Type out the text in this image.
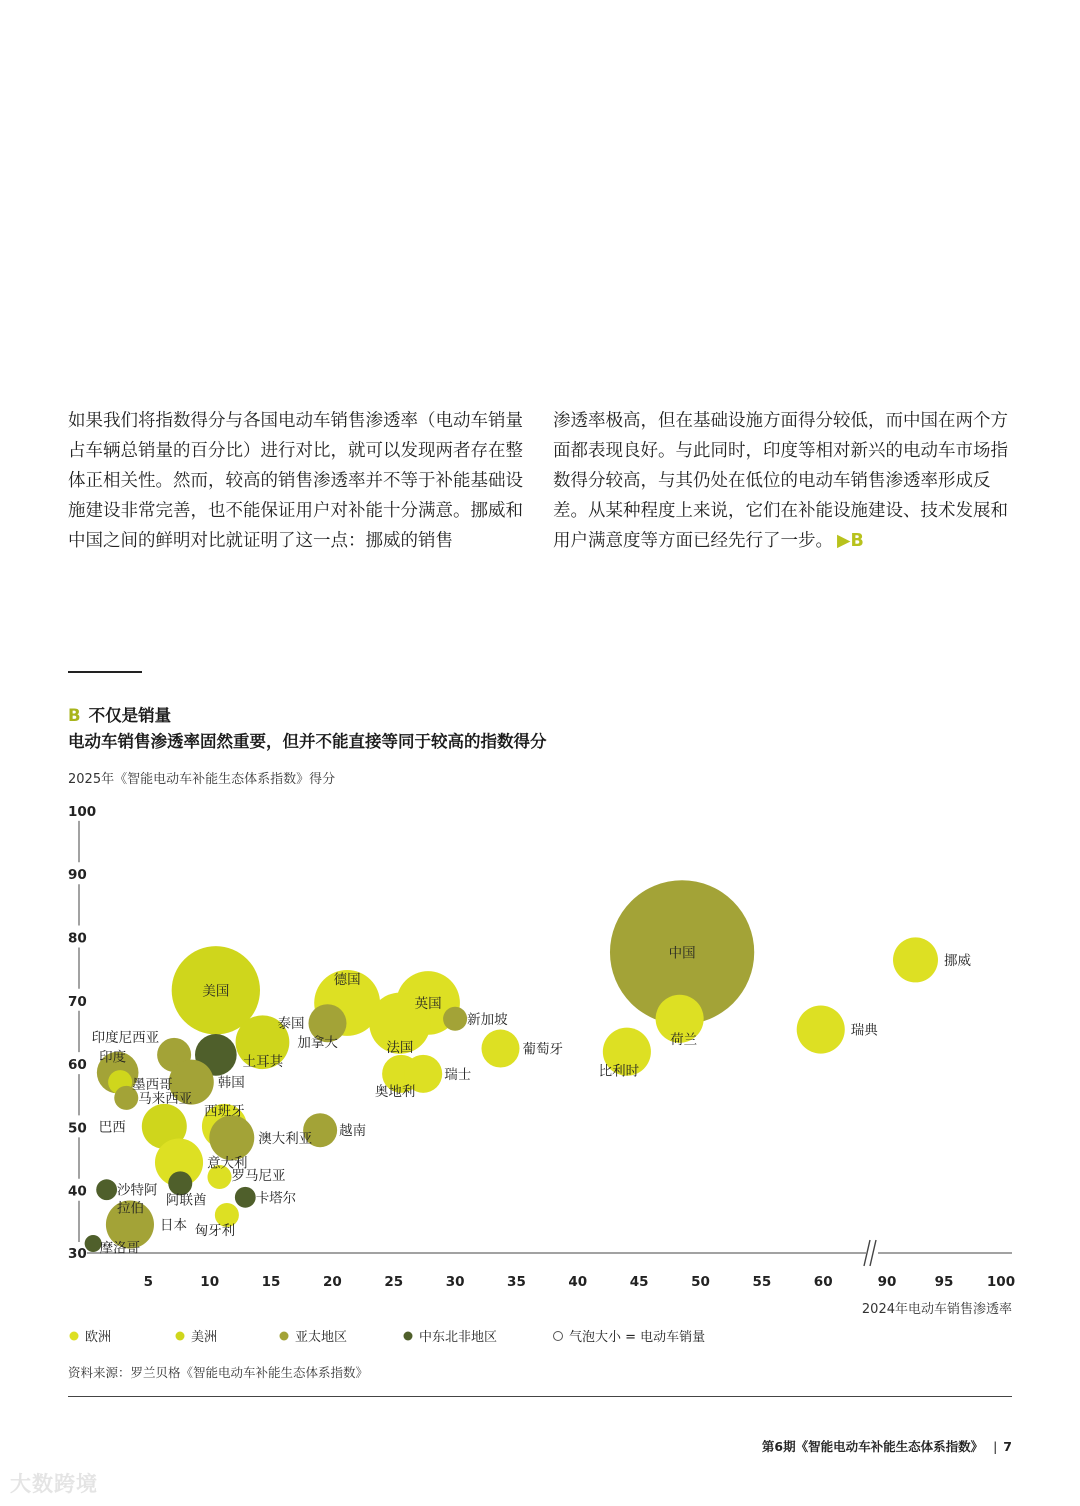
如果我们将指数得分与各国电动车销售渗透率（电动车销量占车辆总销量的百分比）进行对比，就可以发现两者存在整体正相关性。然而，较高的销售渗透率并不等于补能基础设施建设非常完善，也不能保证用户对补能十分满意。挪威和中国之间的鲜明对比就证明了这一点：挪威的销售
渗透率极高，但在基础设施方面得分较低，而中国在两个方面都表现良好。与此同时，印度等相对新兴的电动车市场指数得分较高，与其仍处在低位的电动车销售渗透率形成反差。从某种程度上来说，它们在补能设施建设、技术发展和用户满意度等方面已经先行了一步。 ▶B
B 不仅是销量
电动车销售渗透率固然重要，但并不能直接等同于较高的指数得分
2025年《智能电动车补能生态体系指数》得分
30
40
50
60
70
80
90
100
5	10	15	20	25	30	35	40	45	50	55	60	90	95 100
2024年电动车销售渗透率
中国	挪威
美国
德国
英国
新加坡
泰国
法国
荷兰
瑞典
加拿大	葡萄牙
比利时
印度尼西亚
土耳其
印度
墨西哥	韩国
奥地利
瑞士
马来西亚
巴西
西班牙
澳大利亚 越南
意大利
罗马尼亚
阿联酋
沙特阿
拉伯
卡塔尔
匈牙利
日本
摩洛哥
欧洲	美洲	亚太地区	中东北非地区	气泡大小 = 电动车销量
资料来源：罗兰贝格《智能电动车补能生态体系指数》
第6期《智能电动车补能生态体系指数》 | 7
大数跨境
